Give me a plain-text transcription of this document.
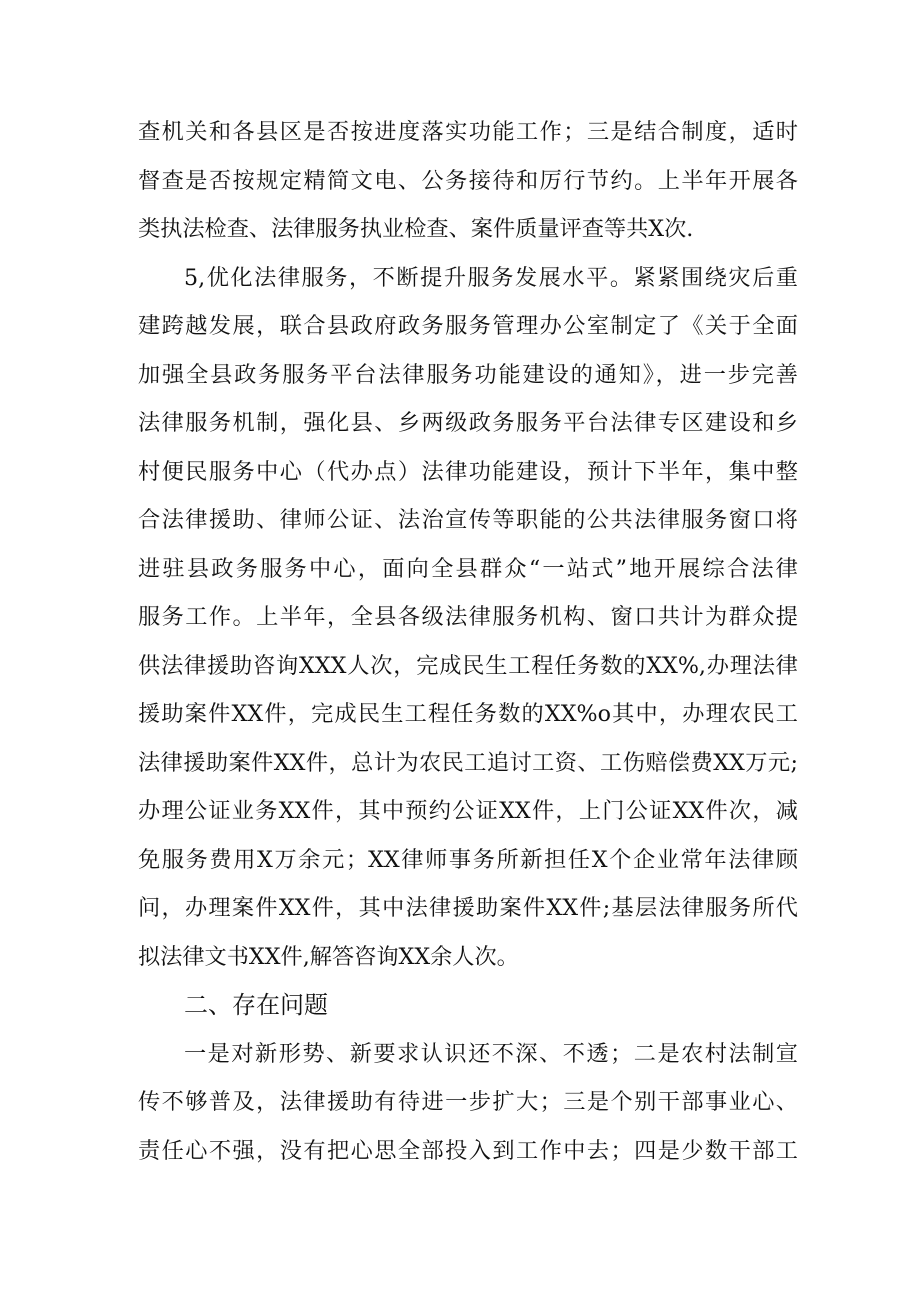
查机关和各县区是否按进度落实功能工作；三是结合制度，适时
督查是否按规定精简文电、公务接待和厉行节约。上半年开展各
类执法检查、法律服务执业检查、案件质量评查等共X次.
5,优化法律服务，不断提升服务发展水平。紧紧围绕灾后重
建跨越发展，联合县政府政务服务管理办公室制定了《关于全面
加强全县政务服务平台法律服务功能建设的通知》，进一步完善
法律服务机制，强化县、乡两级政务服务平台法律专区建设和乡
村便民服务中心（代办点）法律功能建设，预计下半年，集中整
合法律援助、律师公证、法治宣传等职能的公共法律服务窗口将
进驻县政务服务中心，面向全县群众“一站式”地开展综合法律
服务工作。上半年，全县各级法律服务机构、窗口共计为群众提
供法律援助咨询XXX人次，完成民生工程任务数的XX%,办理法律
援助案件XX件，完成民生工程任务数的XX%o其中，办理农民工
法律援助案件XX件，总计为农民工追讨工资、工伤赔偿费XX万元;
办理公证业务XX件，其中预约公证XX件，上门公证XX件次，减
免服务费用X万余元；XX律师事务所新担任X个企业常年法律顾
问，办理案件XX件，其中法律援助案件XX件;基层法律服务所代
拟法律文书XX件,解答咨询XX余人次。
二、存在问题
一是对新形势、新要求认识还不深、不透；二是农村法制宣
传不够普及，法律援助有待进一步扩大；三是个别干部事业心、
责任心不强，没有把心思全部投入到工作中去；四是少数干部工
